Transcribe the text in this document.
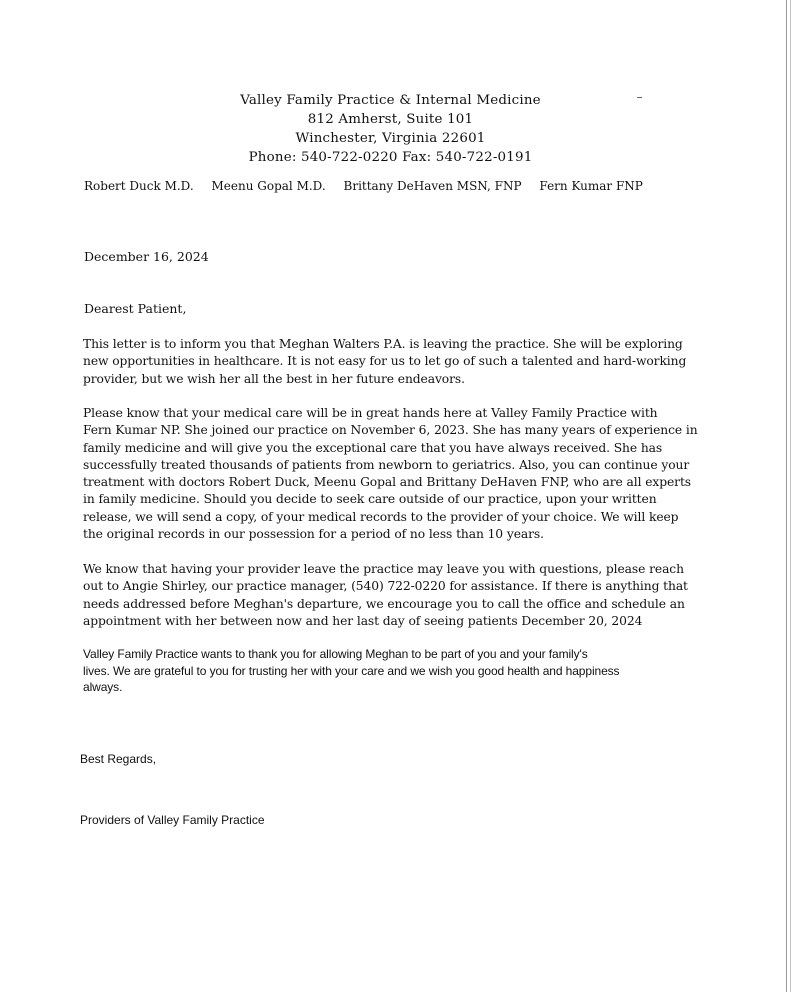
Valley Family Practice & Internal Medicine
812 Amherst, Suite 101
Winchester, Virginia 22601
Phone: 540-722-0220 Fax: 540-722-0191
Robert Duck M.D. Meenu Gopal M.D. Brittany DeHaven MSN, FNP Fern Kumar FNP
December 16, 2024
Dearest Patient,

This letter is to inform you that Meghan Walters P.A. is leaving the practice. She will be exploring
new opportunities in healthcare. It is not easy for us to let go of such a talented and hard-working
provider, but we wish her all the best in her future endeavors.

Please know that your medical care will be in great hands here at Valley Family Practice with
Fern Kumar NP. She joined our practice on November 6, 2023. She has many years of experience in
family medicine and will give you the exceptional care that you have always received. She has
successfully treated thousands of patients from newborn to geriatrics. Also, you can continue your
treatment with doctors Robert Duck, Meenu Gopal and Brittany DeHaven FNP, who are all experts
in family medicine. Should you decide to seek care outside of our practice, upon your written
release, we will send a copy, of your medical records to the provider of your choice. We will keep
the original records in our possession for a period of no less than 10 years.

We know that having your provider leave the practice may leave you with questions, please reach
out to Angie Shirley, our practice manager, (540) 722-0220 for assistance. If there is anything that
needs addressed before Meghan's departure, we encourage you to call the office and schedule an
appointment with her between now and her last day of seeing patients December 20, 2024

Valley Family Practice wants to thank you for allowing Meghan to be part of you and your family's
lives. We are grateful to you for trusting her with your care and we wish you good health and happiness
always.

Best Regards,
Providers of Valley Family Practice
